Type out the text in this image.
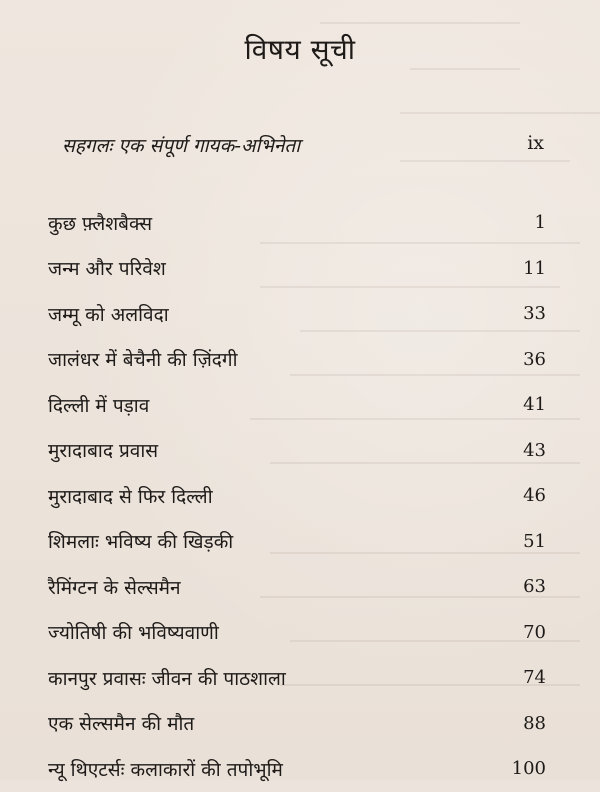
विषय सूची
सहगलः एक संपूर्ण गायक-अभिनेता	ix
कुछ फ़्लैशबैक्स	1
जन्म और परिवेश	11
जम्मू को अलविदा	33
जालंधर में बेचैनी की ज़िंदगी	36
दिल्ली में पड़ाव	41
मुरादाबाद प्रवास	43
मुरादाबाद से फिर दिल्ली	46
शिमलाः भविष्य की खिड़की	51
रैमिंग्टन के सेल्समैन	63
ज्योतिषी की भविष्यवाणी	70
कानपुर प्रवासः जीवन की पाठशाला	74
एक सेल्समैन की मौत	88
न्यू थिएटर्सः कलाकारों की तपोभूमि	100
